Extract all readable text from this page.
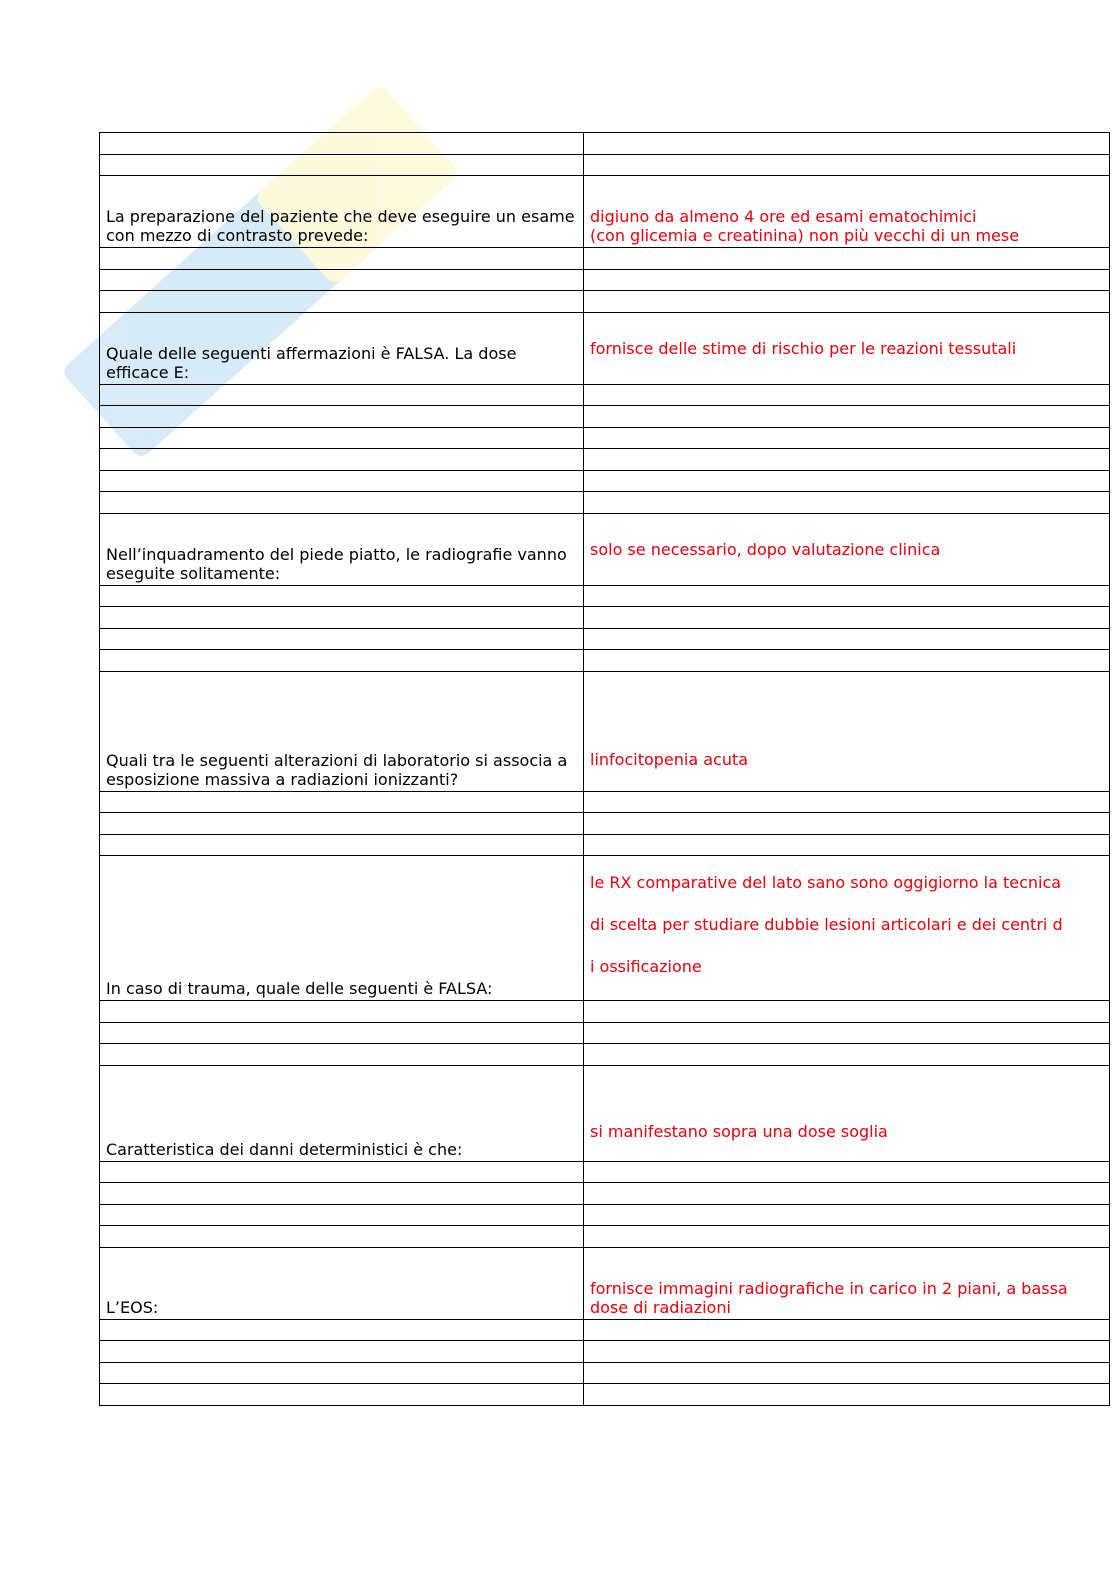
La preparazione del paziente che deve eseguire un esame con mezzo di contrasto prevede:	digiuno da almeno 4 ore ed esami ematochimici
(con glicemia e creatinina) non più vecchi di un mese

Quale delle seguenti affermazioni è FALSA. La dose efficace E:	fornisce delle stime di rischio per le reazioni tessutali

Nell’inquadramento del piede piatto, le radiografie vanno eseguite solitamente:	solo se necessario, dopo valutazione clinica

Quali tra le seguenti alterazioni di laboratorio si associa a esposizione massiva a radiazioni ionizzanti?	linfocitopenia acuta

In caso di trauma, quale delle seguenti è FALSA:	le RX comparative del lato sano sono oggigiorno la tecnica
di scelta per studiare dubbie lesioni articolari e dei centri d
i ossificazione

Caratteristica dei danni deterministici è che:	si manifestano sopra una dose soglia

L’EOS:	fornisce immagini radiografiche in carico in 2 piani, a bassa dose di radiazioni
